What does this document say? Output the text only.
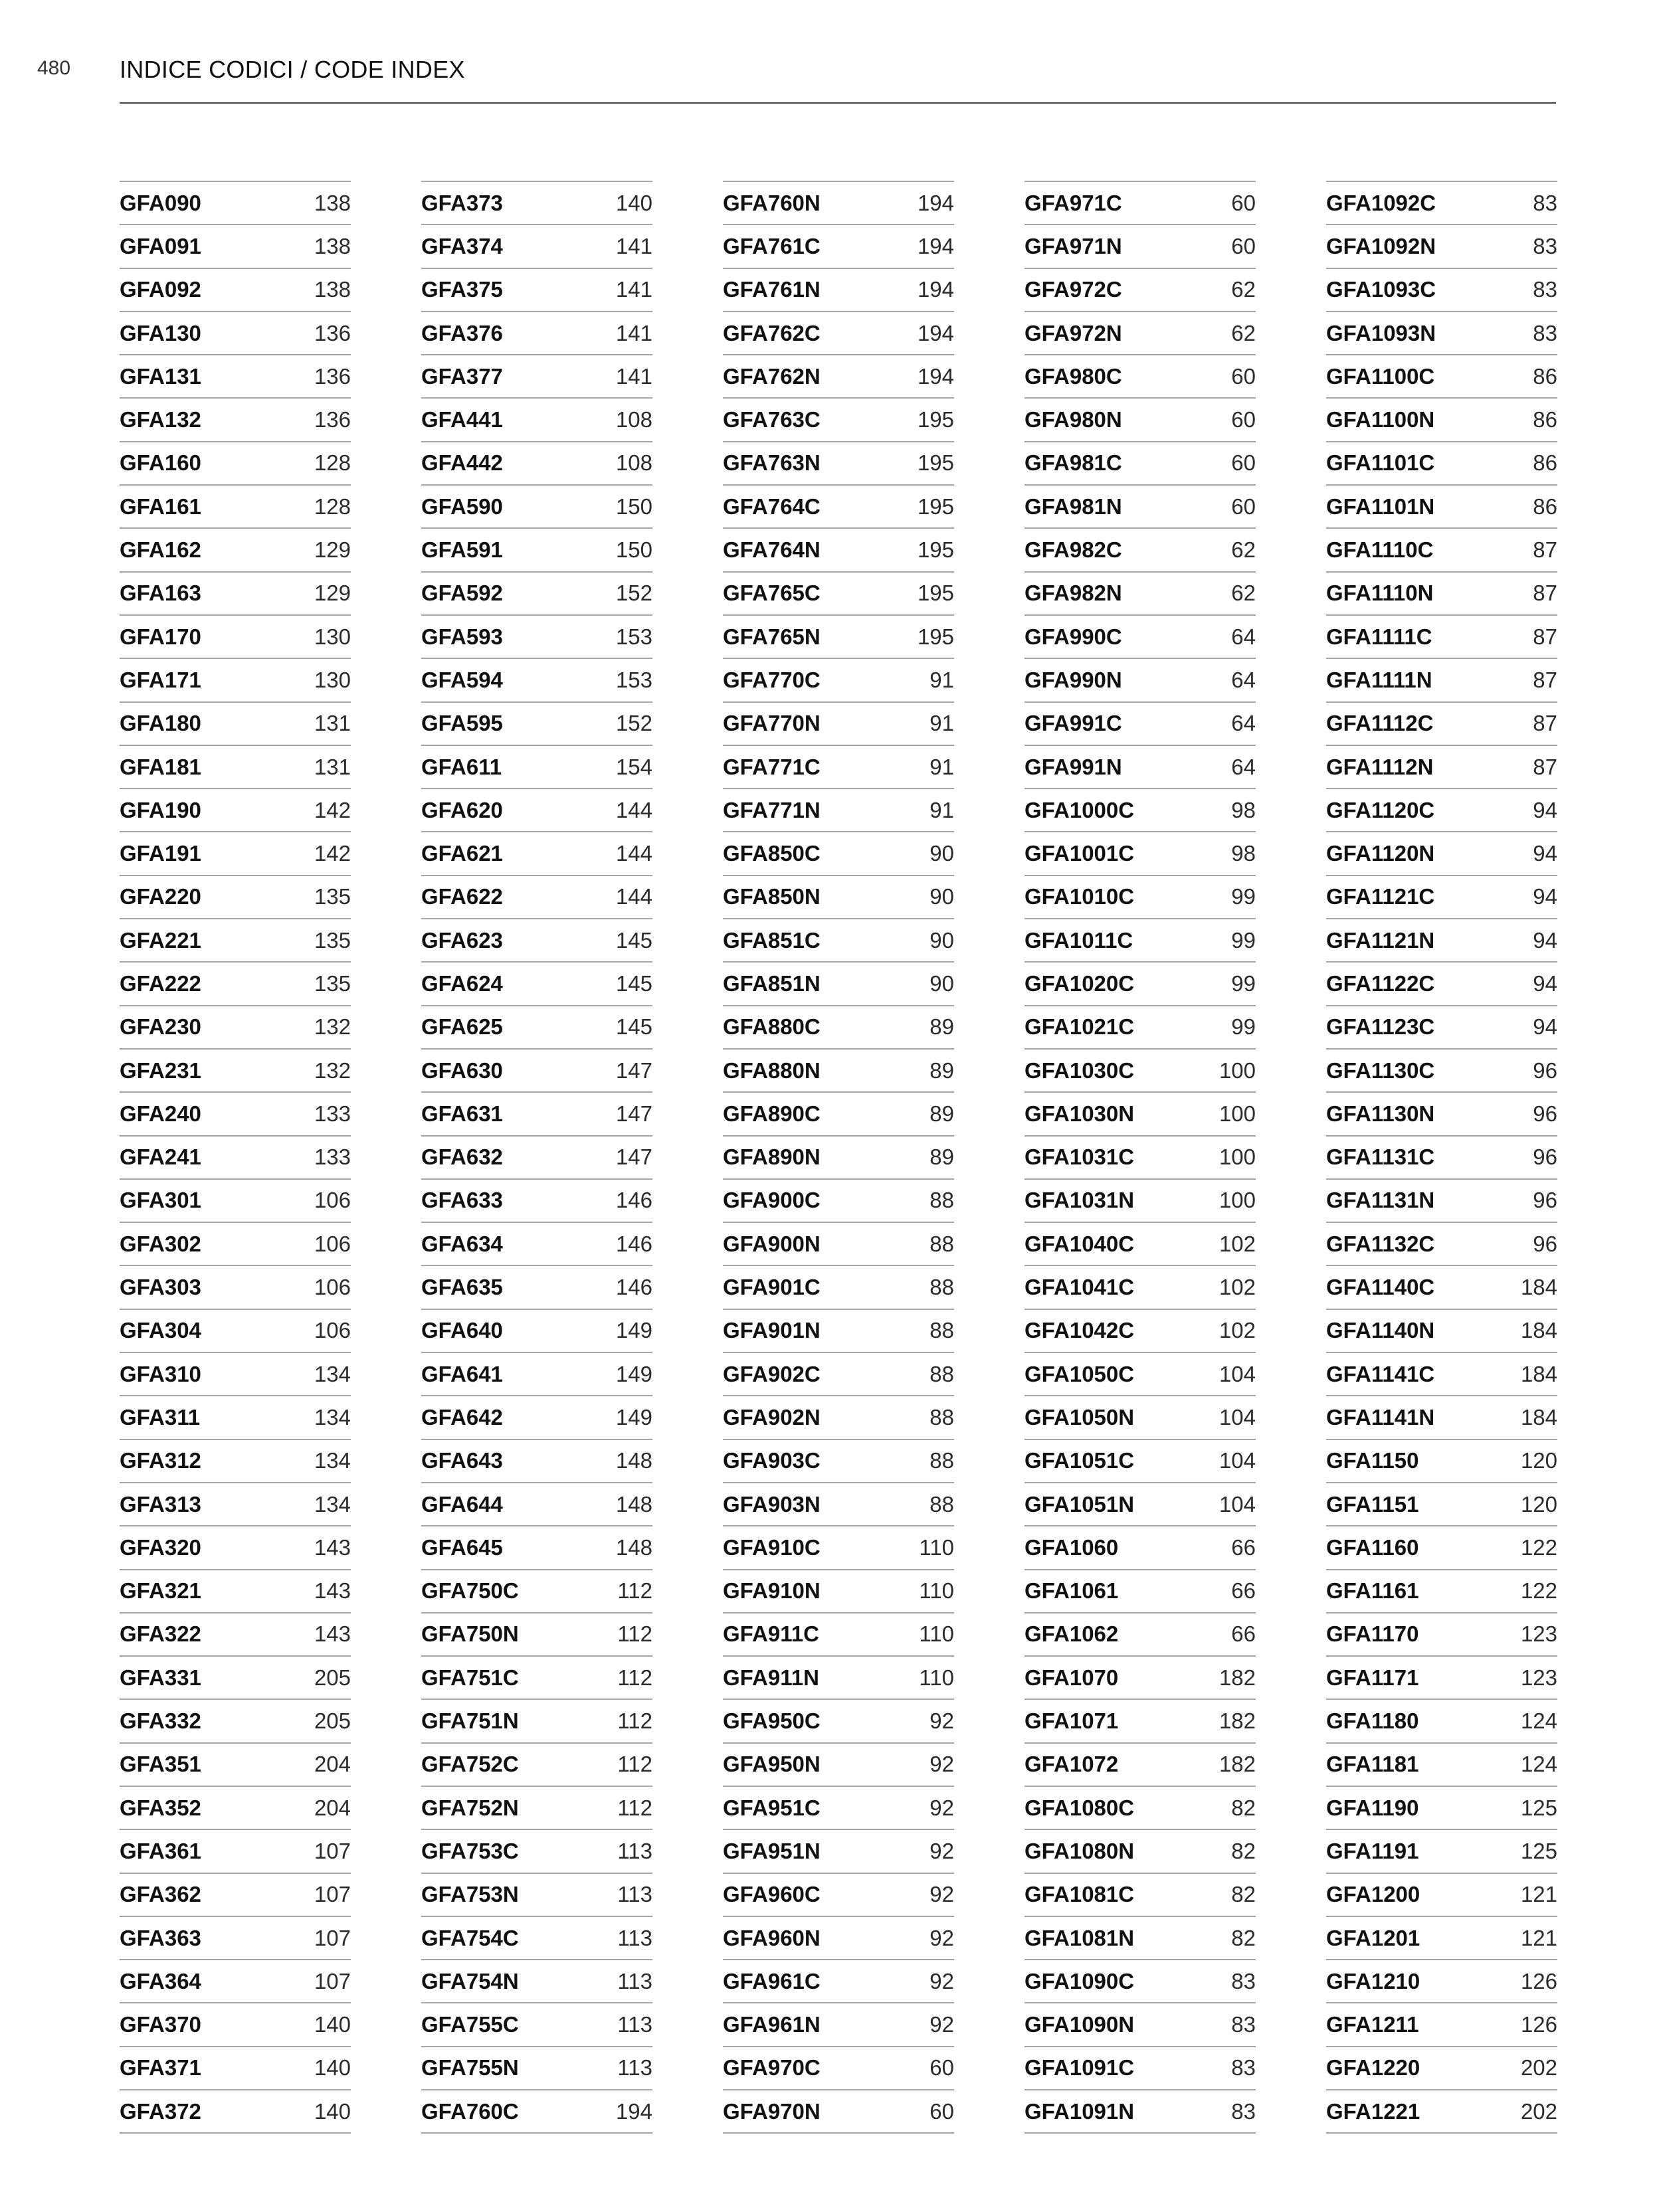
480 INDICE CODICI / CODE INDEX
GFA090	138
GFA091	138
GFA092	138
GFA130	136
GFA131	136
GFA132	136
GFA160	128
GFA161	128
GFA162	129
GFA163	129
GFA170	130
GFA171	130
GFA180	131
GFA181	131
GFA190	142
GFA191	142
GFA220	135
GFA221	135
GFA222	135
GFA230	132
GFA231	132
GFA240	133
GFA241	133
GFA301	106
GFA302	106
GFA303	106
GFA304	106
GFA310	134
GFA311	134
GFA312	134
GFA313	134
GFA320	143
GFA321	143
GFA322	143
GFA331	205
GFA332	205
GFA351	204
GFA352	204
GFA361	107
GFA362	107
GFA363	107
GFA364	107
GFA370	140
GFA371	140
GFA372	140
GFA373	140
GFA374	141
GFA375	141
GFA376	141
GFA377	141
GFA441	108
GFA442	108
GFA590	150
GFA591	150
GFA592	152
GFA593	153
GFA594	153
GFA595	152
GFA611	154
GFA620	144
GFA621	144
GFA622	144
GFA623	145
GFA624	145
GFA625	145
GFA630	147
GFA631	147
GFA632	147
GFA633	146
GFA634	146
GFA635	146
GFA640	149
GFA641	149
GFA642	149
GFA643	148
GFA644	148
GFA645	148
GFA750C	112
GFA750N	112
GFA751C	112
GFA751N	112
GFA752C	112
GFA752N	112
GFA753C	113
GFA753N	113
GFA754C	113
GFA754N	113
GFA755C	113
GFA755N	113
GFA760C	194
GFA760N	194
GFA761C	194
GFA761N	194
GFA762C	194
GFA762N	194
GFA763C	195
GFA763N	195
GFA764C	195
GFA764N	195
GFA765C	195
GFA765N	195
GFA770C	91
GFA770N	91
GFA771C	91
GFA771N	91
GFA850C	90
GFA850N	90
GFA851C	90
GFA851N	90
GFA880C	89
GFA880N	89
GFA890C	89
GFA890N	89
GFA900C	88
GFA900N	88
GFA901C	88
GFA901N	88
GFA902C	88
GFA902N	88
GFA903C	88
GFA903N	88
GFA910C	110
GFA910N	110
GFA911C	110
GFA911N	110
GFA950C	92
GFA950N	92
GFA951C	92
GFA951N	92
GFA960C	92
GFA960N	92
GFA961C	92
GFA961N	92
GFA970C	60
GFA970N	60
GFA971C	60
GFA971N	60
GFA972C	62
GFA972N	62
GFA980C	60
GFA980N	60
GFA981C	60
GFA981N	60
GFA982C	62
GFA982N	62
GFA990C	64
GFA990N	64
GFA991C	64
GFA991N	64
GFA1000C	98
GFA1001C	98
GFA1010C	99
GFA1011C	99
GFA1020C	99
GFA1021C	99
GFA1030C	100
GFA1030N	100
GFA1031C	100
GFA1031N	100
GFA1040C	102
GFA1041C	102
GFA1042C	102
GFA1050C	104
GFA1050N	104
GFA1051C	104
GFA1051N	104
GFA1060	66
GFA1061	66
GFA1062	66
GFA1070	182
GFA1071	182
GFA1072	182
GFA1080C	82
GFA1080N	82
GFA1081C	82
GFA1081N	82
GFA1090C	83
GFA1090N	83
GFA1091C	83
GFA1091N	83
GFA1092C	83
GFA1092N	83
GFA1093C	83
GFA1093N	83
GFA1100C	86
GFA1100N	86
GFA1101C	86
GFA1101N	86
GFA1110C	87
GFA1110N	87
GFA1111C	87
GFA1111N	87
GFA1112C	87
GFA1112N	87
GFA1120C	94
GFA1120N	94
GFA1121C	94
GFA1121N	94
GFA1122C	94
GFA1123C	94
GFA1130C	96
GFA1130N	96
GFA1131C	96
GFA1131N	96
GFA1132C	96
GFA1140C	184
GFA1140N	184
GFA1141C	184
GFA1141N	184
GFA1150	120
GFA1151	120
GFA1160	122
GFA1161	122
GFA1170	123
GFA1171	123
GFA1180	124
GFA1181	124
GFA1190	125
GFA1191	125
GFA1200	121
GFA1201	121
GFA1210	126
GFA1211	126
GFA1220	202
GFA1221	202
